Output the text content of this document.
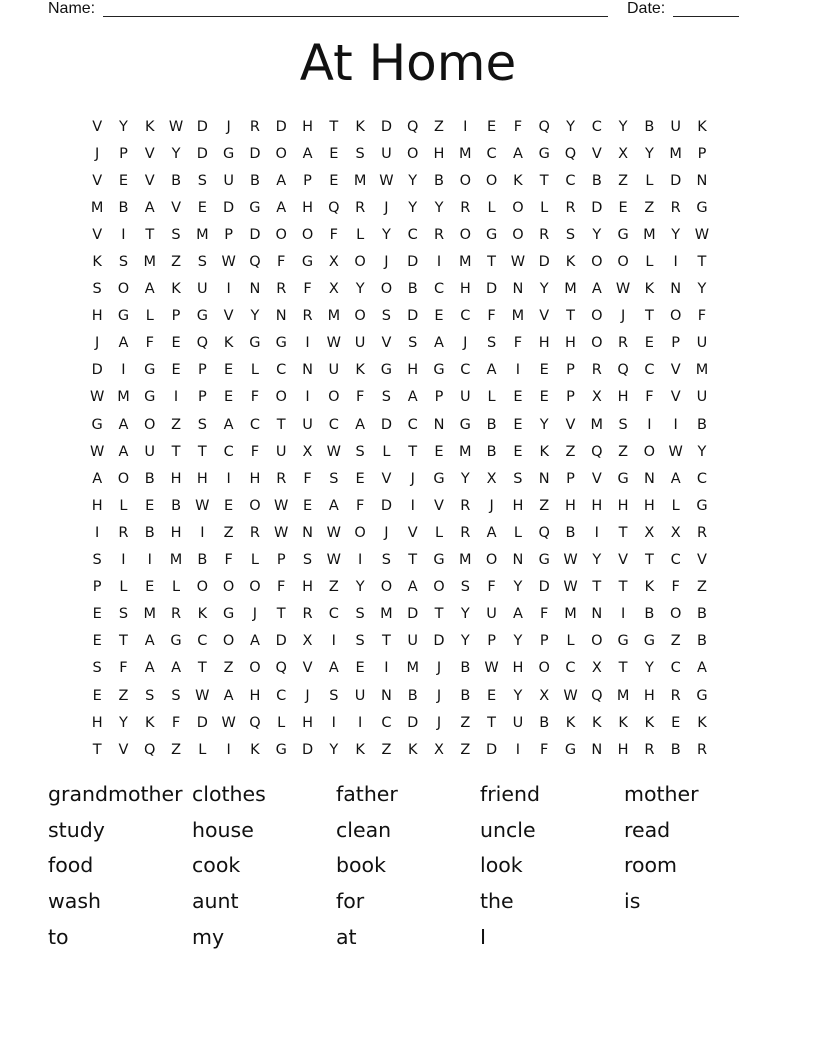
Name:	Date:
At Home
V	Y	K W D	J	R	D	H	T	K	D	Q	Z	I	E	F	Q	Y	C	Y	B	U	K
J	P	V	Y	D	G	D	O	A	E	S	U	O	H	M	C	A	G	Q	V	X	Y	M	P
V	E	V	B	S	U	B	A	P	E	M W	Y	B	O	O	K	T	C	B	Z	L	D	N
M	B	A	V	E	D	G	A	H	Q	R	J	Y	Y	R	L	O	L	R	D	E	Z	R	G
V	I	T	S	M	P	D	O	O	F	L	Y	C	R	O	G	O	R	S	Y	G M	Y	W
K	S	M	Z	S	W Q	F	G	X	O	J	D	I	M	T	W D	K	O	O	L	I	T
S	O	A	K	U	I	N	R	F	X	Y	O	B	C	H	D	N	Y	M	A W K	N	Y
H	G	L	P	G	V	Y	N	R	M O	S	D	E	C	F	M	V	T	O	J	T	O	F
J	A	F	E	Q	K	G	G	I	W U	V	S	A	J	S	F	H	H	O	R	E	P	U
D	I	G	E	P	E	L	C	N	U	K	G	H	G	C	A	I	E	P	R	Q	C	V	M
W M G	I	P	E	F	O	I	O	F	S	A	P	U	L	E	E	P	X	H	F	V	U
G	A	O	Z	S	A	C	T	U	C	A	D	C	N	G	B	E	Y	V	M	S	I	I	B
W A	U	T	T	C	F	U	X W	S	L	T	E	M	B	E	K	Z	Q	Z	O W	Y
A	O	B	H	H	I	H	R	F	S	E	V	J	G	Y	X	S	N	P	V	G	N	A	C
H	L	E	B W	E	O W	E	A	F	D	I	V	R	J	H	Z	H	H	H	H	L	G
I	R	B	H	I	Z	R W N W O	J	V	L	R	A	L	Q	B	I	T	X	X	R
S	I	I	M	B	F	L	P	S	W	I	S	T	G M O	N	G W	Y	V	T	C	V
P	L	E	L	O	O	O	F	H	Z	Y	O	A	O	S	F	Y	D W	T	T	K	F	Z
E	S	M	R	K	G	J	T	R	C	S	M D	T	Y	U	A	F	M	N	I	B	O	B
E	T	A	G	C	O	A	D	X	I	S	T	U	D	Y	P	Y	P	L	O	G	G	Z	B
S	F	A	A	T	Z	O	Q	V	A	E	I	M	J	B W H	O	C	X	T	Y	C	A
E	Z	S	S	W A	H	C	J	S	U	N	B	J	B	E	Y	X W Q M	H	R	G
H	Y	K	F	D W Q	L	H	I	I	C	D	J	Z	T	U	B	K	K	K	K	E	K
T	V	Q	Z	L	I	K	G	D	Y	K	Z	K	X	Z	D	I	F	G	N	H	R	B	R
grandmother clothes	father	friend	mother
study	house	clean	uncle	read
food	cook	book	look	room
wash	aunt	for	the	is
to	my	at	I
